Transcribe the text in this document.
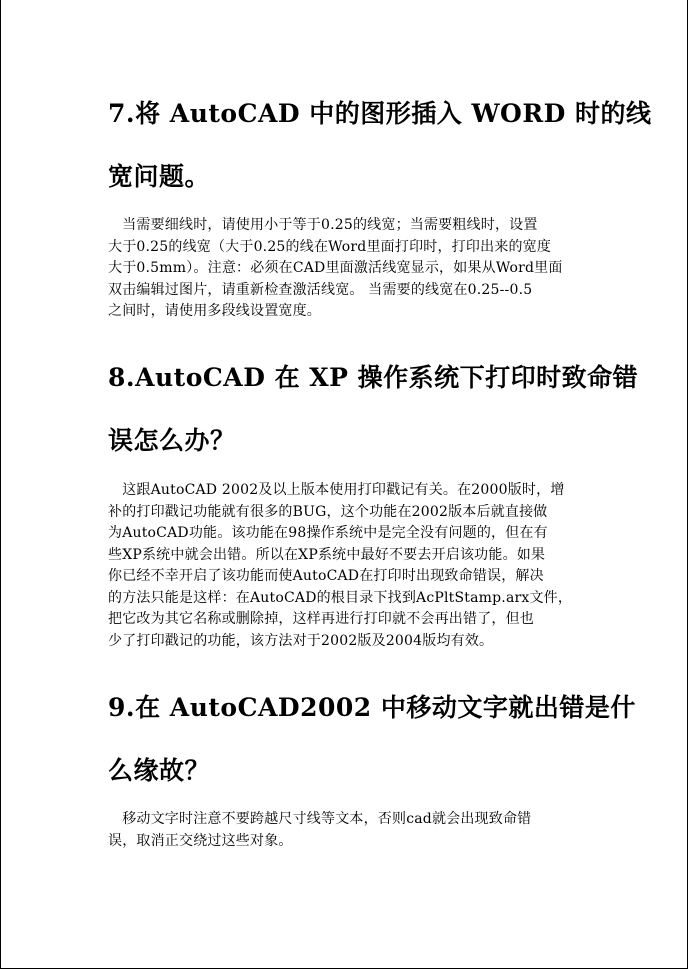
7.将 AutoCAD 中的图形插入 WORD 时的线
宽问题。
　当需要细线时，请使用小于等于0.25的线宽；当需要粗线时，设置
大于0.25的线宽（大于0.25的线在Word里面打印时，打印出来的宽度
大于0.5mm）。注意：必须在CAD里面激活线宽显示，如果从Word里面
双击编辑过图片，请重新检查激活线宽。 当需要的线宽在0.25--0.5
之间时，请使用多段线设置宽度。
8.AutoCAD 在 XP 操作系统下打印时致命错
误怎么办？
　这跟AutoCAD 2002及以上版本使用打印戳记有关。在2000版时，增
补的打印戳记功能就有很多的BUG，这个功能在2002版本后就直接做
为AutoCAD功能。该功能在98操作系统中是完全没有问题的，但在有
些XP系统中就会出错。所以在XP系统中最好不要去开启该功能。如果
你已经不幸开启了该功能而使AutoCAD在打印时出现致命错误，解决
的方法只能是这样：在AutoCAD的根目录下找到AcPltStamp.arx文件，
把它改为其它名称或删除掉，这样再进行打印就不会再出错了，但也
少了打印戳记的功能，该方法对于2002版及2004版均有效。
9.在 AutoCAD2002 中移动文字就出错是什
么缘故？
　移动文字时注意不要跨越尺寸线等文本，否则cad就会出现致命错
误，取消正交绕过这些对象。
